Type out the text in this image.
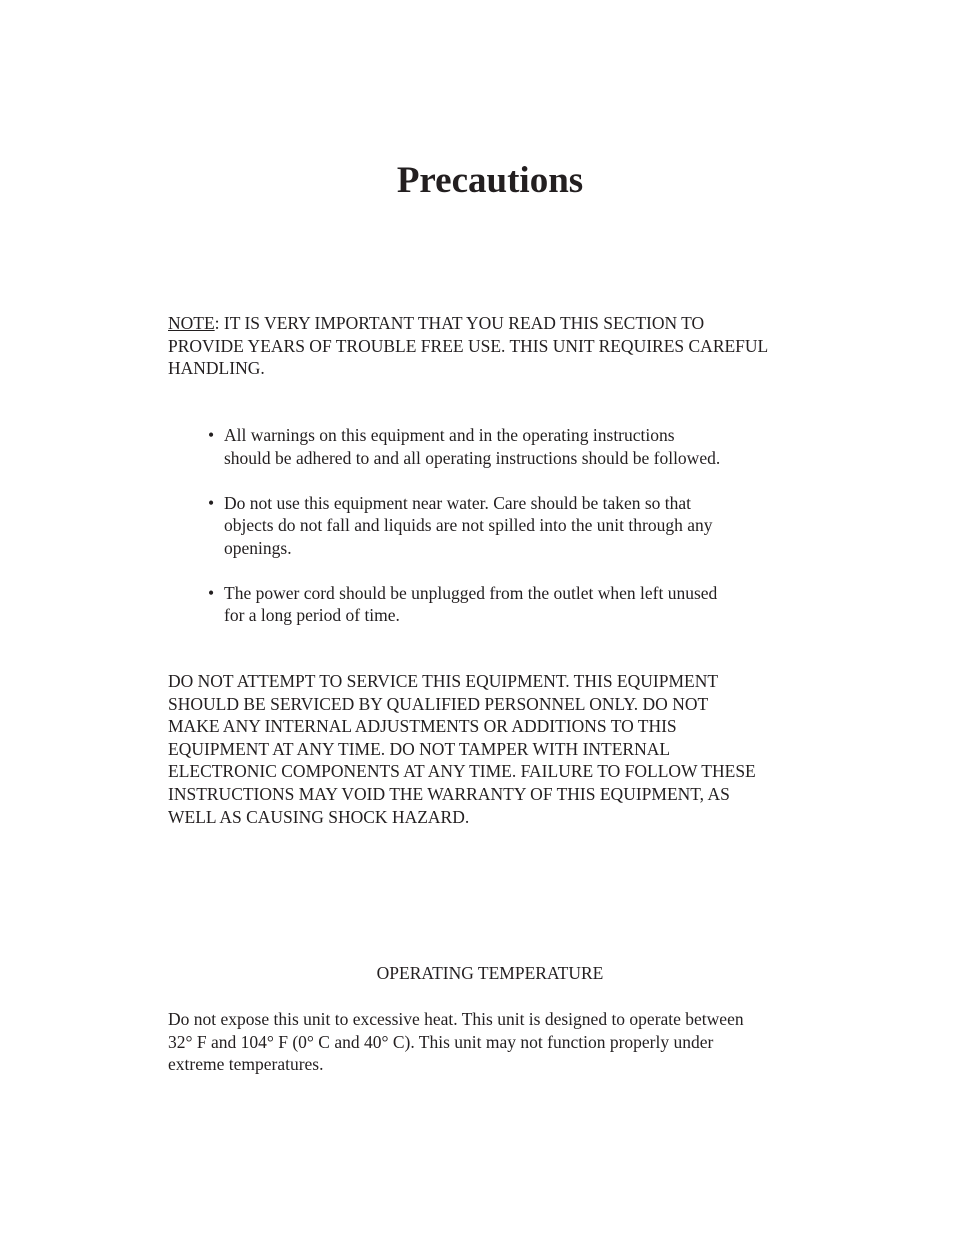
Precautions

NOTE: IT IS VERY IMPORTANT THAT YOU READ THIS SECTION TO
PROVIDE YEARS OF TROUBLE FREE USE. THIS UNIT REQUIRES CAREFUL
HANDLING.

• All warnings on this equipment and in the operating instructions
should be adhered to and all operating instructions should be followed.
• Do not use this equipment near water. Care should be taken so that
objects do not fall and liquids are not spilled into the unit through any
openings.
• The power cord should be unplugged from the outlet when left unused
for a long period of time.

DO NOT ATTEMPT TO SERVICE THIS EQUIPMENT. THIS EQUIPMENT
SHOULD BE SERVICED BY QUALIFIED PERSONNEL ONLY. DO NOT
MAKE ANY INTERNAL ADJUSTMENTS OR ADDITIONS TO THIS
EQUIPMENT AT ANY TIME. DO NOT TAMPER WITH INTERNAL
ELECTRONIC COMPONENTS AT ANY TIME. FAILURE TO FOLLOW THESE
INSTRUCTIONS MAY VOID THE WARRANTY OF THIS EQUIPMENT, AS
WELL AS CAUSING SHOCK HAZARD.

OPERATING TEMPERATURE

Do not expose this unit to excessive heat. This unit is designed to operate between
32° F and 104° F (0° C and 40° C). This unit may not function properly under
extreme temperatures.
